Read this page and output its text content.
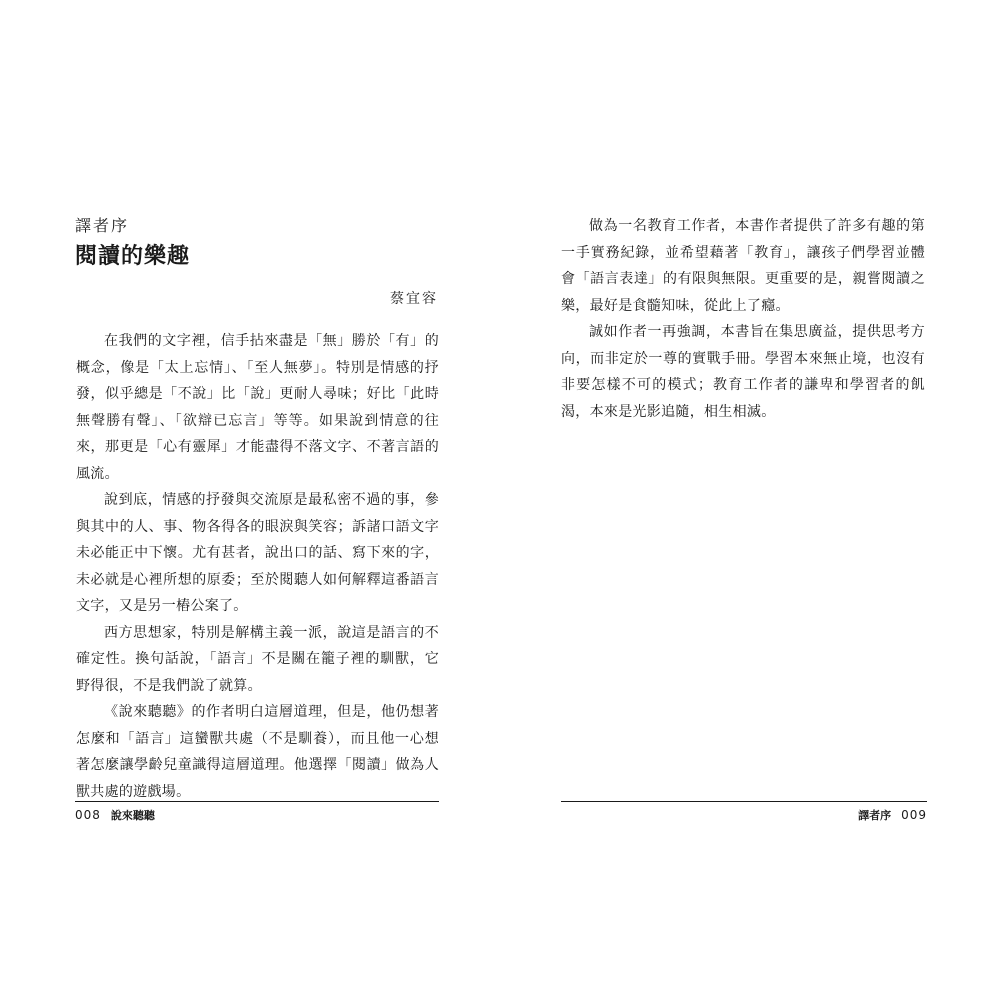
譯者序
閱讀的樂趣
蔡宜容

在我們的文字裡，信手拈來盡是「無」勝於「有」的概念，像是「太上忘情」、「至人無夢」。特別是情感的抒發，似乎總是「不說」比「說」更耐人尋味；好比「此時無聲勝有聲」、「欲辯已忘言」等等。如果說到情意的往來，那更是「心有靈犀」才能盡得不落文字、不著言語的風流。

說到底，情感的抒發與交流原是最私密不過的事，參與其中的人、事、物各得各的眼淚與笑容；訴諸口語文字未必能正中下懷。尤有甚者，說出口的話、寫下來的字，未必就是心裡所想的原委；至於閱聽人如何解釋這番語言文字，又是另一樁公案了。

西方思想家，特別是解構主義一派，說這是語言的不確定性。換句話說，「語言」不是關在籠子裡的馴獸，它野得很，不是我們說了就算。

《說來聽聽》的作者明白這層道理，但是，他仍想著怎麼和「語言」這蠻獸共處（不是馴養），而且他一心想著怎麼讓學齡兒童識得這層道理。他選擇「閱讀」做為人獸共處的遊戲場。

008 說來聽聽

做為一名教育工作者，本書作者提供了許多有趣的第一手實務紀錄，並希望藉著「教育」，讓孩子們學習並體會「語言表達」的有限與無限。更重要的是，親嘗閱讀之樂，最好是食髓知味，從此上了癮。

誠如作者一再強調，本書旨在集思廣益，提供思考方向，而非定於一尊的實戰手冊。學習本來無止境，也沒有非要怎樣不可的模式；教育工作者的謙卑和學習者的飢渴，本來是光影追隨，相生相滅。

譯者序 009
